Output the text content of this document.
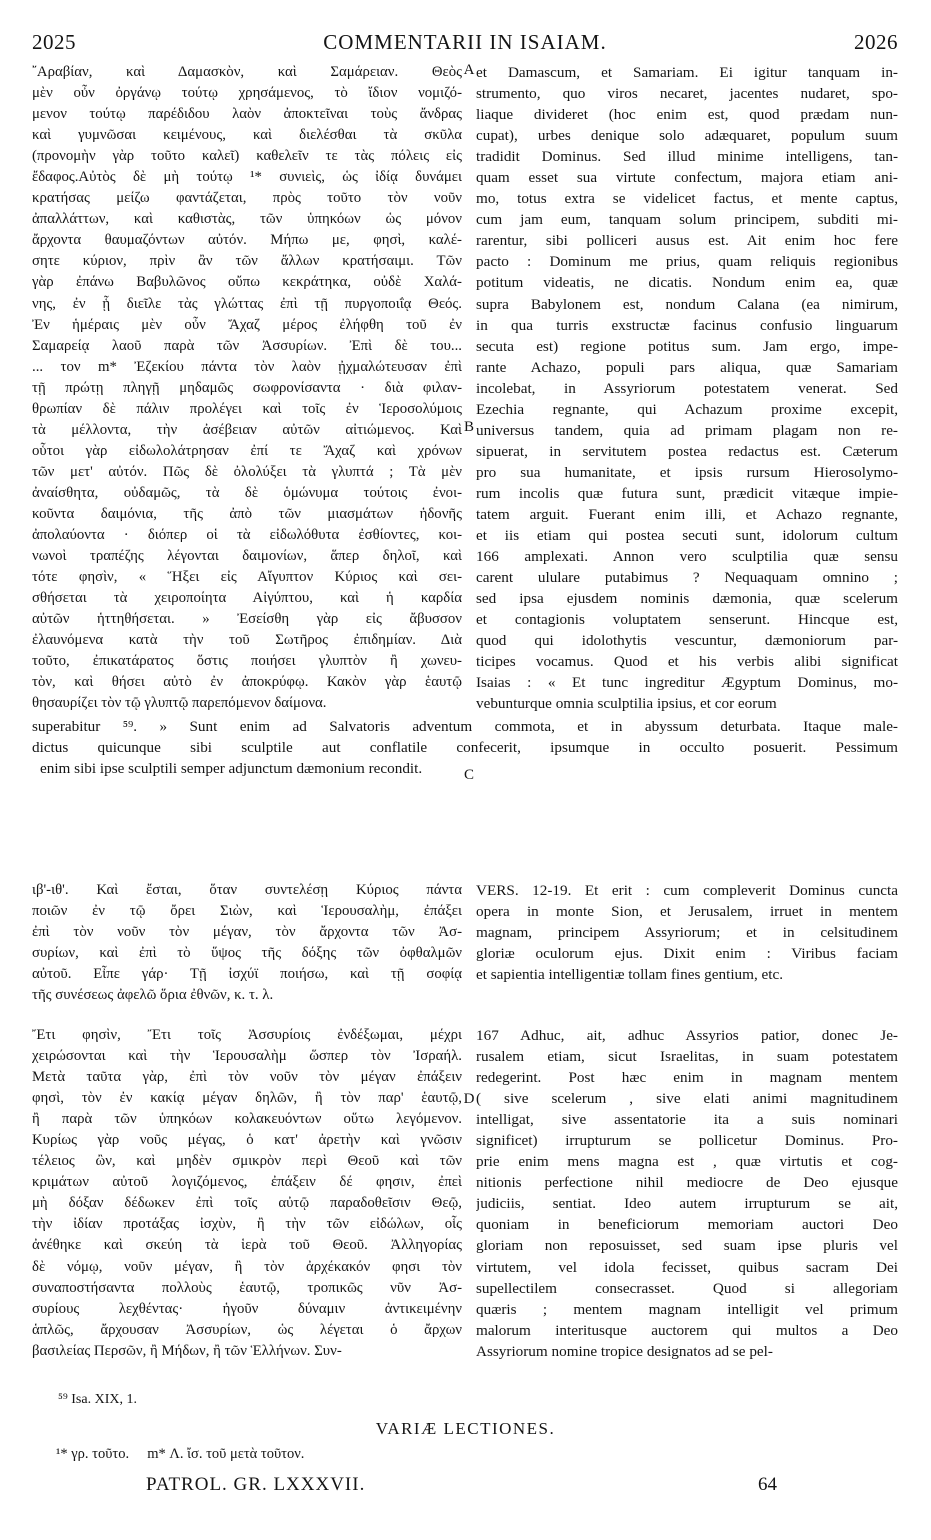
2025	COMMENTARII IN ISAIAM.	2026
῎Αραβίαν, καὶ Δαμασκὸν, καὶ Σαμάρειαν. Θεὸς
μὲν οὖν ὀργάνῳ τούτῳ χρησάμενος, τὸ ἴδιον νομιζό-
μενον τούτῳ παρέδιδου λαὸν ἀποκτεῖναι τοὺς ἄνδρας
καὶ γυμνῶσαι κειμένους, καὶ διελέσθαι τὰ σκῦλα
(προνομὴν γὰρ τοῦτο καλεῖ) καθελεῖν τε τὰς πόλεις εἰς
ἔδαφος.Αὐτὸς δὲ μὴ τούτῳ ¹* συνιεὶς, ὡς ἰδίᾳ δυνάμει
κρατήσας μείζω φαντάζεται, πρὸς τοῦτο τὸν νοῦν
ἀπαλλάττων, καὶ καθιστὰς, τῶν ὑπηκόων ὡς μόνον
ἄρχοντα θαυμαζόντων αὐτόν. Μήπω με, φησὶ, καλέ-
σητε κύριον, πρὶν ἂν τῶν ἄλλων κρατήσαιμι. Τῶν
γὰρ ἐπάνω Βαβυλῶνος οὔπω κεκράτηκα, οὐδὲ Χαλά-
νης, ἐν ᾗ διεῖλε τὰς γλώττας ἐπὶ τῇ πυργοποιΐᾳ Θεός.
Ἐν ἡμέραις μὲν οὖν Ἄχαζ μέρος ἐλήφθη τοῦ ἐν
Σαμαρείᾳ λαοῦ παρὰ τῶν Ἀσσυρίων. Ἐπὶ δὲ του...
... τον m* Ἐζεκίου πάντα τὸν λαὸν ᾐχμαλώτευσαν ἐπὶ
τῇ πρώτῃ πληγῇ μηδαμῶς σωφρονίσαντα · διὰ φιλαν-
θρωπίαν δὲ πάλιν προλέγει καὶ τοῖς ἐν Ἱεροσολύμοις
τὰ μέλλοντα, τὴν ἀσέβειαν αὐτῶν αἰτιώμενος. Καὶ
οὗτοι γὰρ εἰδωλολάτρησαν ἐπί τε Ἄχαζ καὶ χρόνων
τῶν μετ' αὐτόν. Πῶς δὲ ὀλολύξει τὰ γλυπτά ; Τὰ μὲν
ἀναίσθητα, οὐδαμῶς, τὰ δὲ ὁμώνυμα τούτοις ἐνοι-
κοῦντα δαιμόνια, τῆς ἀπὸ τῶν μιασμάτων ἡδονῆς
ἀπολαύοντα · διόπερ οἱ τὰ εἰδωλόθυτα ἐσθίοντες, κοι-
νωνοὶ τραπέζης λέγονται δαιμονίων, ἅπερ δηλοῖ, καὶ
τότε φησὶν, « Ἥξει εἰς Αἴγυπτον Κύριος καὶ σει-
σθήσεται τὰ χειροποίητα Αἰγύπτου, καὶ ἡ καρδία
αὐτῶν ἡττηθήσεται. » Ἐσείσθη γὰρ εἰς ἄβυσσον
ἐλαυνόμενα κατὰ τὴν τοῦ Σωτῆρος ἐπιδημίαν. Διὰ
τοῦτο, ἐπικατάρατος ὅστις ποιήσει γλυπτὸν ἢ χωνευ-
τὸν, καὶ θήσει αὐτὸ ἐν ἀποκρύφῳ. Κακὸν γὰρ ἑαυτῷ
θησαυρίζει τὸν τῷ γλυπτῷ παρεπόμενον δαίμονα.
et Damascum, et Samariam. Ei igitur tanquam in-
strumento, quo viros necaret, jacentes nudaret, spo-
liaque divideret (hoc enim est, quod prædam nun-
cupat), urbes denique solo adæquaret, populum suum
tradidit Dominus. Sed illud minime intelligens, tan-
quam esset sua virtute confectum, majora etiam ani-
mo, totus extra se videlicet factus, et mente captus,
cum jam eum, tanquam solum principem, subditi mi-
rarentur, sibi polliceri ausus est. Ait enim hoc fere
pacto : Dominum me prius, quam reliquis regionibus
potitum videatis, ne dicatis. Nondum enim ea, quæ
supra Babylonem est, nondum Calana (ea nimirum,
in qua turris exstructæ facinus confusio linguarum
secuta est) regione potitus sum. Jam ergo, impe-
rante Achazo, populi pars aliqua, quæ Samariam
incolebat, in Assyriorum potestatem venerat. Sed
Ezechia regnante, qui Achazum proxime excepit,
universus tandem, quia ad primam plagam non re-
sipuerat, in servitutem postea redactus est. Cæterum
pro sua humanitate, et ipsis rursum Hierosolymo-
rum incolis quæ futura sunt, prædicit vitæque impie-
tatem arguit. Fuerant enim illi, et Achazo regnante,
et iis etiam qui postea secuti sunt, idolorum cultum
166 amplexati. Annon vero sculptilia quæ sensu
carent ululare putabimus ? Nequaquam omnino ;
sed ipsa ejusdem nominis dæmonia, quæ scelerum
et contagionis voluptatem senserunt. Hincque est,
quod qui idolothytis vescuntur, dæmoniorum par-
ticipes vocamus. Quod et his verbis alibi significat
Isaias : « Et tunc ingreditur Ægyptum Dominus, mo-
vebunturque omnia sculptilia ipsius, et cor eorum
A
B
C
D
superabitur ⁵⁹. » Sunt enim ad Salvatoris adventum commota, et in abyssum deturbata. Itaque male-
dictus quicunque sibi sculptile aut conflatile confecerit, ipsumque in occulto posuerit. Pessimum
enim sibi ipse sculptili semper adjunctum dæmonium recondit.
ιβ'-ιθ'. Καὶ ἔσται, ὅταν συντελέσῃ Κύριος πάντα
ποιῶν ἐν τῷ ὄρει Σιὼν, καὶ Ἱερουσαλὴμ, ἐπάξει
ἐπὶ τὸν νοῦν τὸν μέγαν, τὸν ἄρχοντα τῶν Ἀσ-
συρίων, καὶ ἐπὶ τὸ ὕψος τῆς δόξης τῶν ὀφθαλμῶν
αὐτοῦ. Εἶπε γάρ· Τῇ ἰσχύϊ ποιήσω, καὶ τῇ σοφίᾳ
τῆς συνέσεως ἀφελῶ ὅρια ἐθνῶν, κ. τ. λ.
VERS. 12-19. Et erit : cum compleverit Dominus cuncta
opera in monte Sion, et Jerusalem, irruet in mentem
magnam, principem Assyriorum; et in celsitudinem
gloriæ oculorum ejus. Dixit enim : Viribus faciam
et sapientia intelligentiæ tollam fines gentium, etc.
Ἔτι φησὶν, Ἔτι τοῖς Ἀσσυρίοις ἐνδέξωμαι, μέχρι
χειρώσονται καὶ τὴν Ἱερουσαλὴμ ὥσπερ τὸν Ἰσραήλ.
Μετὰ ταῦτα γὰρ, ἐπὶ τὸν νοῦν τὸν μέγαν ἐπάξειν
φησὶ, τὸν ἐν κακίᾳ μέγαν δηλῶν, ἢ τὸν παρ' ἑαυτῷ,
ἢ παρὰ τῶν ὑπηκόων κολακευόντων οὕτω λεγόμενον.
Κυρίως γὰρ νοῦς μέγας, ὁ κατ' ἀρετὴν καὶ γνῶσιν
τέλειος ὢν, καὶ μηδὲν σμικρὸν περὶ Θεοῦ καὶ τῶν
κριμάτων αὐτοῦ λογιζόμενος, ἐπάξειν δέ φησιν, ἐπεὶ
μὴ δόξαν δέδωκεν ἐπὶ τοῖς αὐτῷ παραδοθεῖσιν Θεῷ,
τὴν ἰδίαν προτάξας ἰσχὺν, ἢ τὴν τῶν εἰδώλων, οἷς
ἀνέθηκε καὶ σκεύη τὰ ἱερὰ τοῦ Θεοῦ. Ἀλληγορίας
δὲ νόμῳ, νοῦν μέγαν, ἢ τὸν ἀρχέκακόν φησι τὸν
συναποστήσαντα πολλοὺς ἑαυτῷ, τροπικῶς νῦν Ἀσ-
συρίους λεχθέντας· ἡγοῦν δύναμιν ἀντικειμένην
ἁπλῶς, ἄρχουσαν Ἀσσυρίων, ὡς λέγεται ὁ ἄρχων
βασιλείας Περσῶν, ἢ Μήδων, ἢ τῶν Ἑλλήνων. Συν-
167 Adhuc, ait, adhuc Assyrios patior, donec Je-
rusalem etiam, sicut Israelitas, in suam potestatem
redegerint. Post hæc enim in magnam mentem
( sive scelerum , sive elati animi magnitudinem
intelligat, sive assentatorie ita a suis nominari
significet) irrupturum se pollicetur Dominus. Pro-
prie enim mens magna est , quæ virtutis et cog-
nitionis perfectione nihil mediocre de Deo ejusque
judiciis, sentiat. Ideo autem irrupturum se ait,
quoniam in beneficiorum memoriam auctori Deo
gloriam non reposuisset, sed suam ipse pluris vel
virtutem, vel idola fecisset, quibus sacram Dei
supellectilem consecrasset. Quod si allegoriam
quæris ; mentem magnam intelligit vel primum
malorum interitusque auctorem qui multos a Deo
Assyriorum nomine tropice designatos ad se pel-
⁵⁹ Isa. XIX, 1.
VARIÆ LECTIONES.
¹* γρ. τοῦτο.     m* Λ. ἴσ. τοῦ μετὰ τοῦτον.
PATROL. GR. LXXXVII.	64
